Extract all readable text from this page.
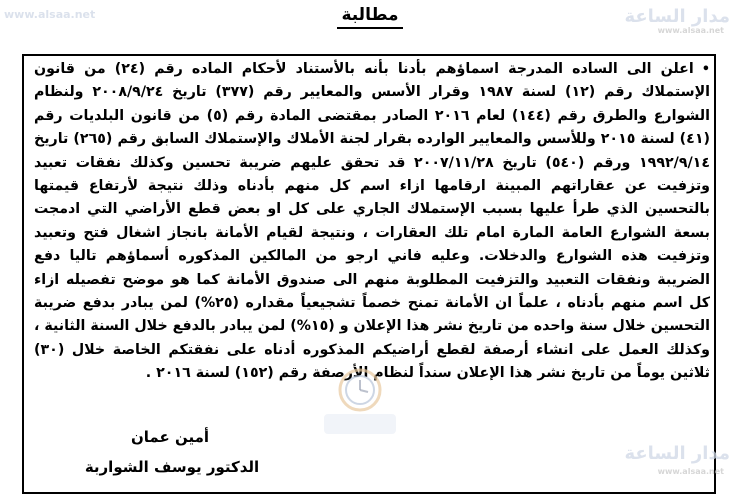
www.alsaa.net	مدار الساعة
www.alsaa.net
مطالبة

•اعلن الى الساده المدرجة اسماؤهم بأدنا بأنه بالأستناد لأحكام الماده رقم (٢٤) من قانون الإستملاك رقم (١٢) لسنة ١٩٨٧ وقرار الأسس والمعايير رقم (٣٧٧) تاريخ ٢٠٠٨/٩/٢٤ ولنظام الشوارع والطرق رقم (١٤٤) لعام ٢٠١٦ الصادر بمقتضى المادة رقم (٥) من قانون البلديات رقم (٤١) لسنة ٢٠١٥ وللأسس والمعايير الوارده بقرار لجنة الأملاك والإستملاك السابق رقم (٢٦٥) تاريخ ١٩٩٢/٩/١٤ ورقم (٥٤٠) تاريخ ٢٠٠٧/١١/٢٨ قد تحقق عليهم ضريبة تحسين وكذلك نفقات تعبيد وتزفيت عن عقاراتهم المبينة ارقامها ازاء اسم كل منهم بأدناه وذلك نتيجة لأرتفاع قيمتها بالتحسين الذي طرأ عليها بسبب الإستملاك الجاري على كل او بعض قطع الأراضي التي ادمجت بسعة الشوارع العامة المارة امام تلك العقارات ، ونتيجة لقيام الأمانة بانجاز اشغال فتح وتعبيد وتزفيت هذه الشوارع والدخلات. وعليه فاني ارجو من المالكين المذكوره أسماؤهم تاليا دفع الضريبة ونفقات التعبيد والتزفيت المطلوبة منهم الى صندوق الأمانة كما هو موضح تفصيله ازاء كل اسم منهم بأدناه ، علماً ان الأمانة تمنح خصماً تشجيعياً مقداره (٢٥%) لمن يبادر بدفع ضريبة التحسين خلال سنة واحده من تاريخ نشر هذا الإعلان و (١٥%) لمن يبادر بالدفع خلال السنة الثانية ، وكذلك العمل على انشاء أرصفة لقطع أراضيكم المذكوره أدناه على نفقتكم الخاصة خلال (٣٠) ثلاثين يوماً من تاريخ نشر هذا الإعلان سنداً لنظام الأرصفة رقم (١٥٢) لسنة ٢٠١٦ .

أمين عمان
الدكتور يوسف الشواربة
مدار الساعة
www.alsaa.net
